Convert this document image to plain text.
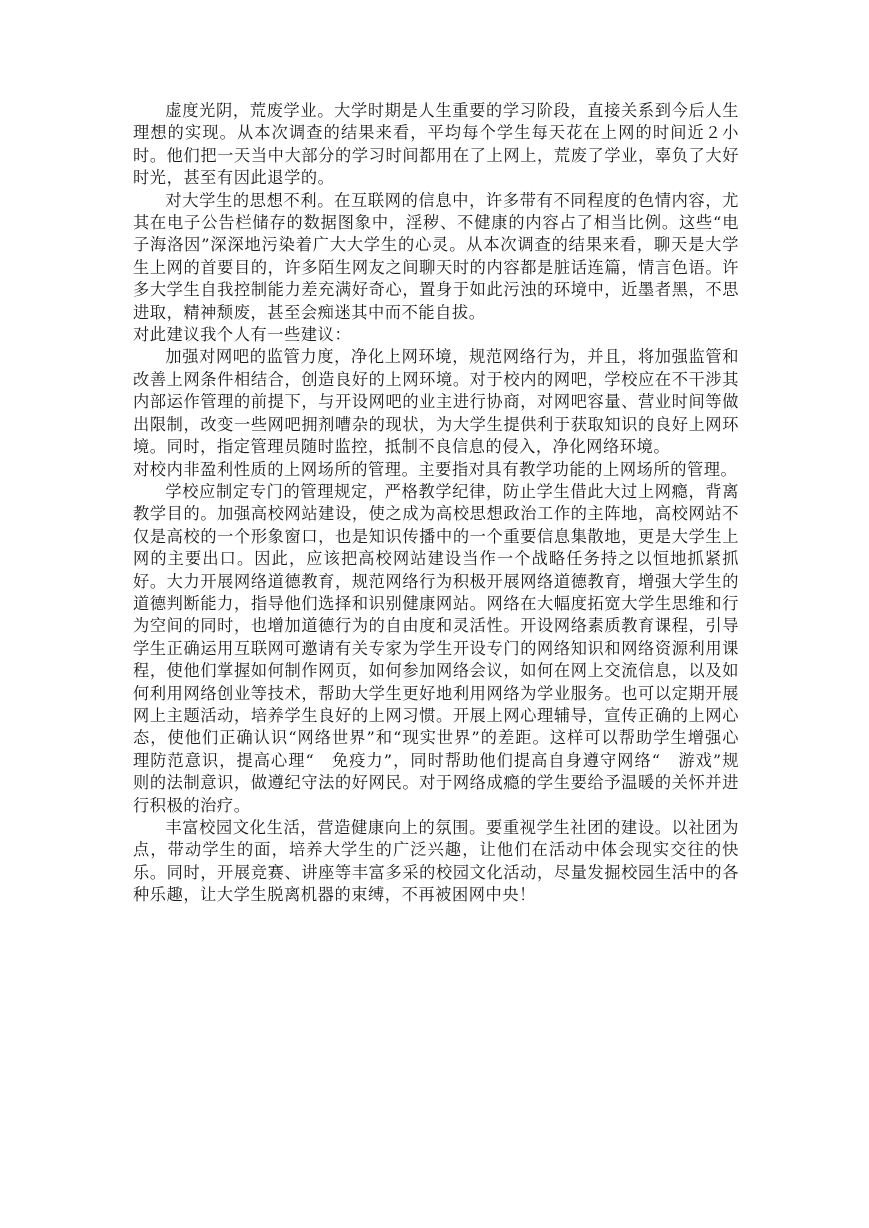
虚度光阴，荒废学业。大学时期是人生重要的学习阶段，直接关系到今后人生理想的实现。从本次调查的结果来看，平均每个学生每天花在上网的时间近２小时。他们把一天当中大部分的学习时间都用在了上网上，荒废了学业，辜负了大好时光，甚至有因此退学的。

对大学生的思想不利。在互联网的信息中，许多带有不同程度的色情内容，尤其在电子公告栏储存的数据图象中，淫秽、不健康的内容占了相当比例。这些“电子海洛因”深深地污染着广大大学生的心灵。从本次调查的结果来看，聊天是大学生上网的首要目的，许多陌生网友之间聊天时的内容都是脏话连篇，情言色语。许多大学生自我控制能力差充满好奇心，置身于如此污浊的环境中，近墨者黑，不思进取，精神颓废，甚至会痴迷其中而不能自拔。

对此建议我个人有一些建议：

加强对网吧的监管力度，净化上网环境，规范网络行为，并且，将加强监管和改善上网条件相结合，创造良好的上网环境。对于校内的网吧，学校应在不干涉其内部运作管理的前提下，与开设网吧的业主进行协商，对网吧容量、营业时间等做出限制，改变一些网吧拥剂嘈杂的现状，为大学生提供利于获取知识的良好上网环境。同时，指定管理员随时监控，抵制不良信息的侵入，净化网络环境。

对校内非盈利性质的上网场所的管理。主要指对具有教学功能的上网场所的管理。

学校应制定专门的管理规定，严格教学纪律，防止学生借此大过上网瘾，背离教学目的。加强高校网站建设，使之成为高校思想政治工作的主阵地，高校网站不仅是高校的一个形象窗口，也是知识传播中的一个重要信息集散地，更是大学生上网的主要出口。因此，应该把高校网站建设当作一个战略任务持之以恒地抓紧抓好。大力开展网络道德教育，规范网络行为积极开展网络道德教育，增强大学生的道德判断能力，指导他们选择和识别健康网站。网络在大幅度拓宽大学生思维和行为空间的同时，也增加道德行为的自由度和灵活性。开设网络素质教育课程，引导学生正确运用互联网可邀请有关专家为学生开设专门的网络知识和网络资源利用课程，使他们掌握如何制作网页，如何参加网络会议，如何在网上交流信息，以及如何利用网络创业等技术，帮助大学生更好地利用网络为学业服务。也可以定期开展网上主题活动，培养学生良好的上网习惯。开展上网心理辅导，宣传正确的上网心态，使他们正确认识“网络世界”和“现实世界”的差距。这样可以帮助学生增强心理防范意识，提高心理“　免疫力”，同时帮助他们提高自身遵守网络“　游戏”规则的法制意识，做遵纪守法的好网民。对于网络成瘾的学生要给予温暖的关怀并进行积极的治疗。

丰富校园文化生活，营造健康向上的氛围。要重视学生社团的建设。以社团为点，带动学生的面，培养大学生的广泛兴趣，让他们在活动中体会现实交往的快乐。同时，开展竞赛、讲座等丰富多采的校园文化活动，尽量发掘校园生活中的各种乐趣，让大学生脱离机器的束缚，不再被困网中央！
